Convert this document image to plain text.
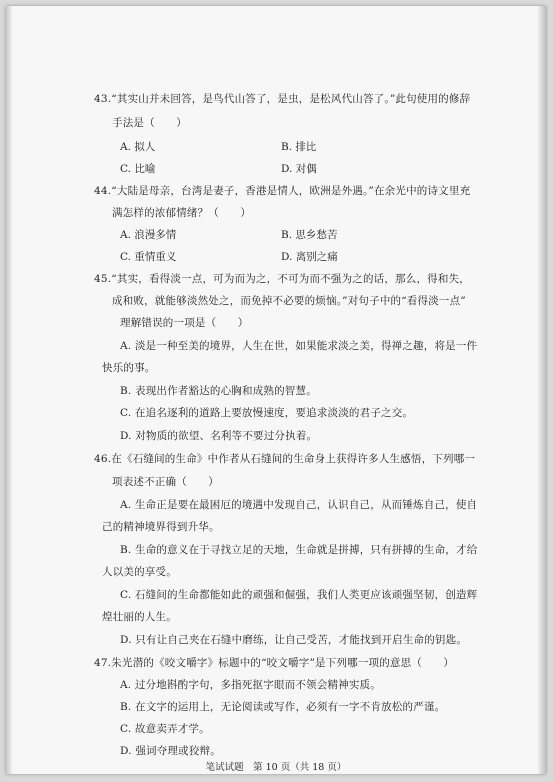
43.“其实山并未回答，是鸟代山答了，是虫，是松风代山答了。”此句使用的修辞
手法是（　　）
A. 拟人	B. 排比
C. 比喻	D. 对偶
44.“大陆是母亲，台湾是妻子，香港是情人，欧洲是外遇。”在余光中的诗文里充
满怎样的浓郁情绪？（　　）
A. 浪漫多情	B. 思乡愁苦
C. 重情重义	D. 离别之痛
45.“其实，看得淡一点，可为而为之，不可为而不强为之的话，那么，得和失，
成和败，就能够淡然处之，而免掉不必要的烦恼。”对句子中的“看得淡一点”
理解错误的一项是（　　）
A. 淡是一种至美的境界，人生在世，如果能求淡之美，得禅之趣，将是一件
快乐的事。
B. 表现出作者豁达的心胸和成熟的智慧。
C. 在追名逐利的道路上要放慢速度，要追求淡淡的君子之交。
D. 对物质的欲望、名利等不要过分执着。
46.在《石缝间的生命》中作者从石缝间的生命身上获得许多人生感悟，下列哪一
项表述不正确（　　）
A. 生命正是要在最困厄的境遇中发现自己，认识自己，从而锤炼自己，使自
己的精神境界得到升华。
B. 生命的意义在于寻找立足的天地，生命就是拼搏，只有拼搏的生命，才给
人以美的享受。
C. 石缝间的生命都能如此的顽强和倔强，我们人类更应该顽强坚韧，创造辉
煌壮丽的人生。
D. 只有让自己夹在石缝中磨练，让自己受苦，才能找到开启生命的钥匙。
47.朱光潜的《咬文嚼字》标题中的“咬文嚼字”是下列哪一项的意思（　　）
A. 过分地斟酌字句，多指死抠字眼而不领会精神实质。
B. 在文字的运用上，无论阅读或写作，必须有一字不肯放松的严谨。
C. 故意卖弄才学。
D. 强词夺理或狡辩。
笔试试题　第 10 页（共 18 页）
